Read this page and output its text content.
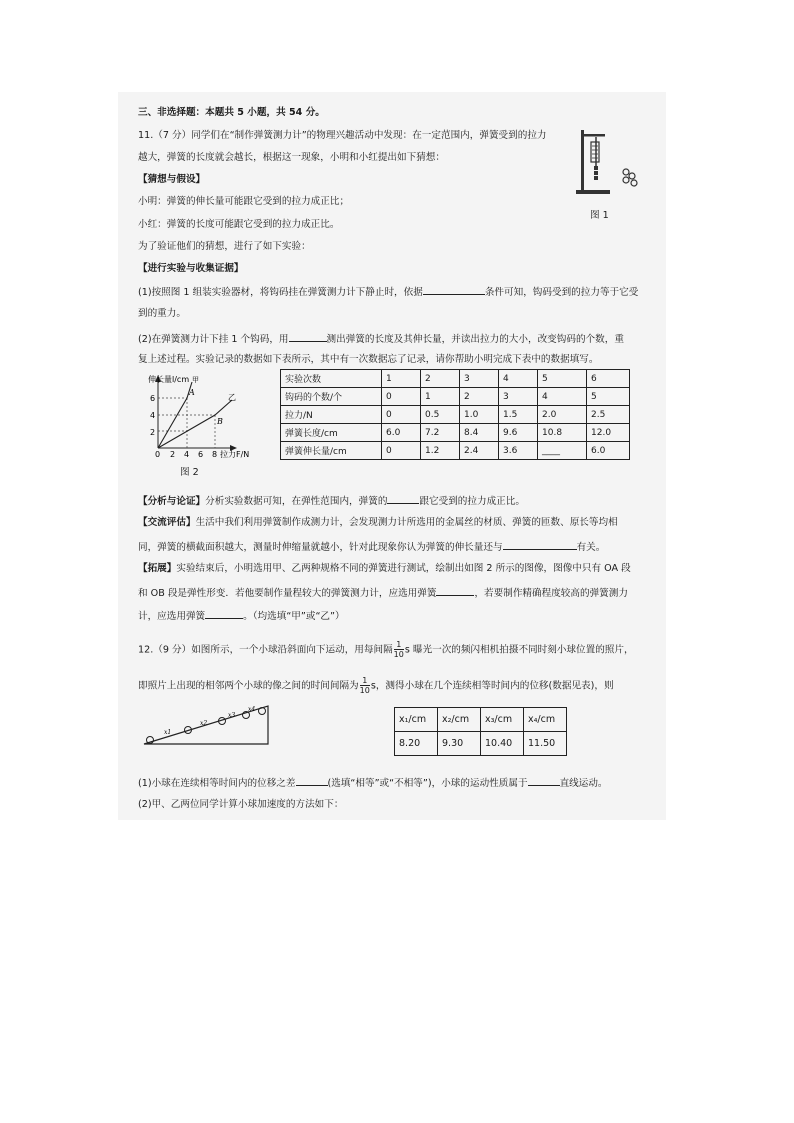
三、非选择题：本题共 5 小题，共 54 分。
11.（7 分）同学们在“制作弹簧测力计”的物理兴趣活动中发现：在一定范围内，弹簧受到的拉力
越大，弹簧的长度就会越长，根据这一现象，小明和小红提出如下猜想：
图 1
【猜想与假设】
小明：弹簧的伸长量可能跟它受到的拉力成正比；
小红：弹簧的长度可能跟它受到的拉力成正比。
为了验证他们的猜想，进行了如下实验：
【进行实验与收集证据】
(1)按照图 1 组装实验器材，将钩码挂在弹簧测力计下静止时，依据	条件可知，钩码受到的拉力等于它受
到的重力。
(2)在弹簧测力计下挂 1 个钩码，用	测出弹簧的长度及其伸长量，并读出拉力的大小，改变钩码的个数，重
复上述过程。实验记录的数据如下表所示，其中有一次数据忘了记录，请你帮助小明完成下表中的数据填写。
伸长量l/cm
拉力F/N
2
4
6
0 2 4 6 8
甲
乙
A
B
图 2
实验次数	1	2	3	4	5	6
钩码的个数/个	0	1	2	3	4	5
拉力/N	0	0.5	1.0	1.5	2.0	2.5
弹簧长度/cm	6.0	7.2	8.4	9.6	10.8	12.0
弹簧伸长量/cm	0	1.2	2.4	3.6	____	6.0
【分析与论证】分析实验数据可知，在弹性范围内，弹簧的	跟它受到的拉力成正比。
【交流评估】生活中我们利用弹簧制作成测力计，会发现测力计所选用的金属丝的材质、弹簧的匝数、原长等均相
同，弹簧的横截面积越大，测量时伸缩量就越小，针对此现象你认为弹簧的伸长量还与	有关。
【拓展】实验结束后，小明选用甲、乙两种规格不同的弹簧进行测试，绘制出如图 2 所示的图像，图像中只有 OA 段
和 OB 段是弹性形变．若他要制作量程较大的弹簧测力计，应选用弹簧	，若要制作精确程度较高的弹簧测力
计，应选用弹簧	。（均选填“甲”或“乙”）
12.（9 分）如图所示，一个小球沿斜面向下运动，用每间隔 $\frac{1}{10}$ s 曝光一次的频闪相机拍摄不同时刻小球位置的照片，
即照片上出现的相邻两个小球的像之间的时间间隔为 $\frac{1}{10}$ s，测得小球在几个连续相等时间内的位移(数据见表)，则
x1
x2
x3
x4
x₁/cm	x₂/cm	x₃/cm	x₄/cm
8.20	9.30	10.40	11.50
(1)小球在连续相等时间内的位移之差	(选填“相等”或“不相等”)，小球的运动性质属于	直线运动。
(2)甲、乙两位同学计算小球加速度的方法如下：
